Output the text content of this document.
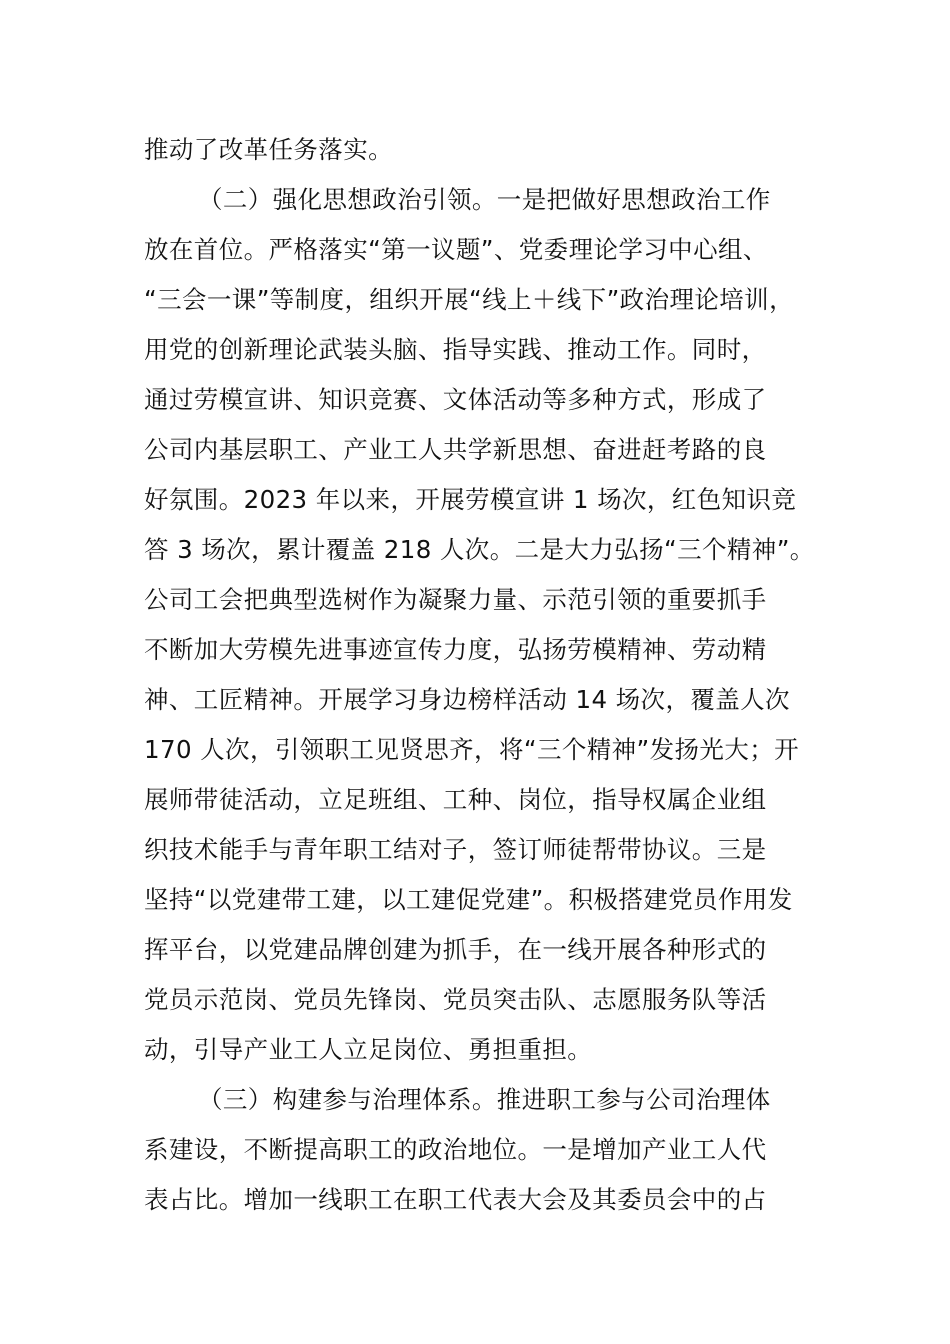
推动了改革任务落实。
（二）强化思想政治引领。一是把做好思想政治工作
放在首位。严格落实“第一议题”、党委理论学习中心组、
“三会一课”等制度，组织开展“线上＋线下”政治理论培训，
用党的创新理论武装头脑、指导实践、推动工作。同时，
通过劳模宣讲、知识竞赛、文体活动等多种方式，形成了
公司内基层职工、产业工人共学新思想、奋进赶考路的良
好氛围。2023 年以来，开展劳模宣讲 1 场次，红色知识竞
答 3 场次，累计覆盖 218 人次。二是大力弘扬“三个精神”。
公司工会把典型选树作为凝聚力量、示范引领的重要抓手
不断加大劳模先进事迹宣传力度，弘扬劳模精神、劳动精
神、工匠精神。开展学习身边榜样活动 14 场次，覆盖人次
170 人次，引领职工见贤思齐，将“三个精神”发扬光大；开
展师带徒活动，立足班组、工种、岗位，指导权属企业组
织技术能手与青年职工结对子，签订师徒帮带协议。三是
坚持“以党建带工建，以工建促党建”。积极搭建党员作用发
挥平台，以党建品牌创建为抓手，在一线开展各种形式的
党员示范岗、党员先锋岗、党员突击队、志愿服务队等活
动，引导产业工人立足岗位、勇担重担。
（三）构建参与治理体系。推进职工参与公司治理体
系建设，不断提高职工的政治地位。一是增加产业工人代
表占比。增加一线职工在职工代表大会及其委员会中的占
